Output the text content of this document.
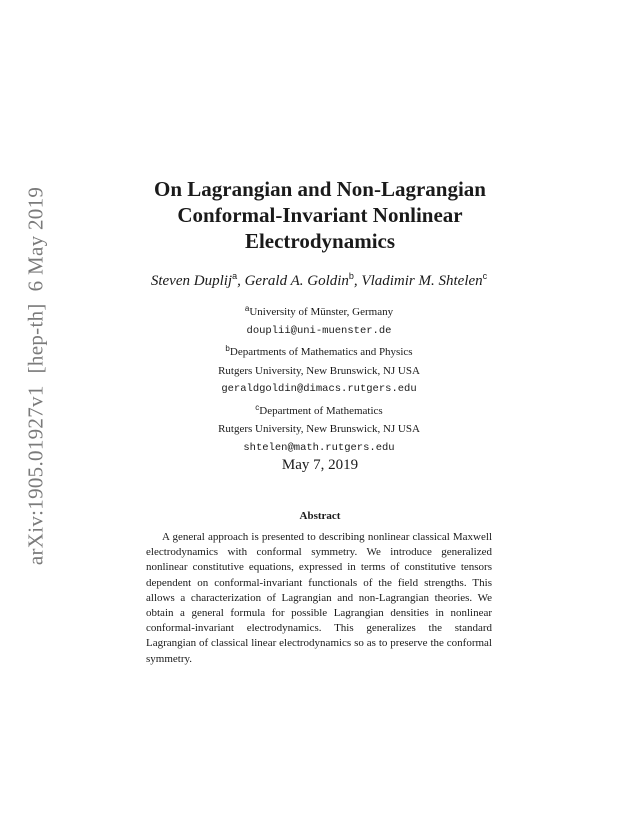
arXiv:1905.01927v1[hep-th]6 May 2019	On Lagrangian and Non-Lagrangian
Conformal-Invariant Nonlinear
Electrodynamics
Steven Duplij$^a$, Gerald A. Goldin$^b$, Vladimir M. Shtelen$^c$
$^a$University of Münster, Germany
douplii@uni-muenster.de
$^b$Departments of Mathematics and Physics
Rutgers University, New Brunswick, NJ USA
geraldgoldin@dimacs.rutgers.edu
$^c$Department of Mathematics
Rutgers University, New Brunswick, NJ USA
shtelen@math.rutgers.edu
May 7, 2019
Abstract
A general approach is presented to describing nonlinear classical Maxwell electrodynamics with conformal symmetry. We introduce generalized nonlinear constitutive equations, expressed in terms of constitutive tensors dependent on conformal-invariant functionals of the field strengths. This allows a characterization of Lagrangian and non-Lagrangian theories. We obtain a general formula for possible Lagrangian densities in nonlinear conformal-invariant electrodynamics. This generalizes the standard Lagrangian of classical linear electrodynamics so as to preserve the conformal symmetry.
